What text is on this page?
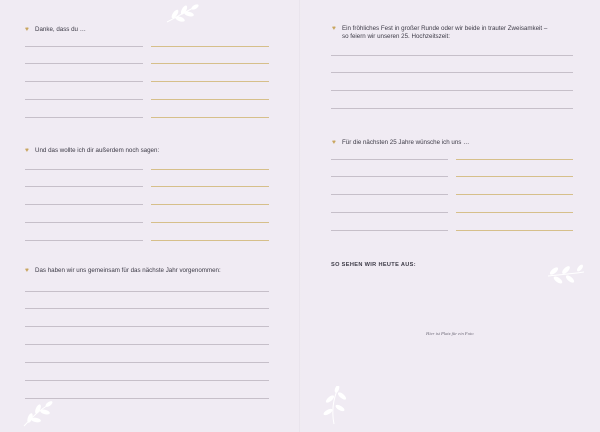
♥ Danke, dass du …
♥ Und das wollte ich dir außerdem noch sagen:
♥ Das haben wir uns gemeinsam für das nächste Jahr vorgenommen:
♥ Ein fröhliches Fest in großer Runde oder wir beide in trauter Zweisamkeit –
so feiern wir unseren 25. Hochzeitszeit:
♥ Für die nächsten 25 Jahre wünsche ich uns …
SO SEHEN WIR HEUTE AUS:
Hier ist Platz für ein Foto
